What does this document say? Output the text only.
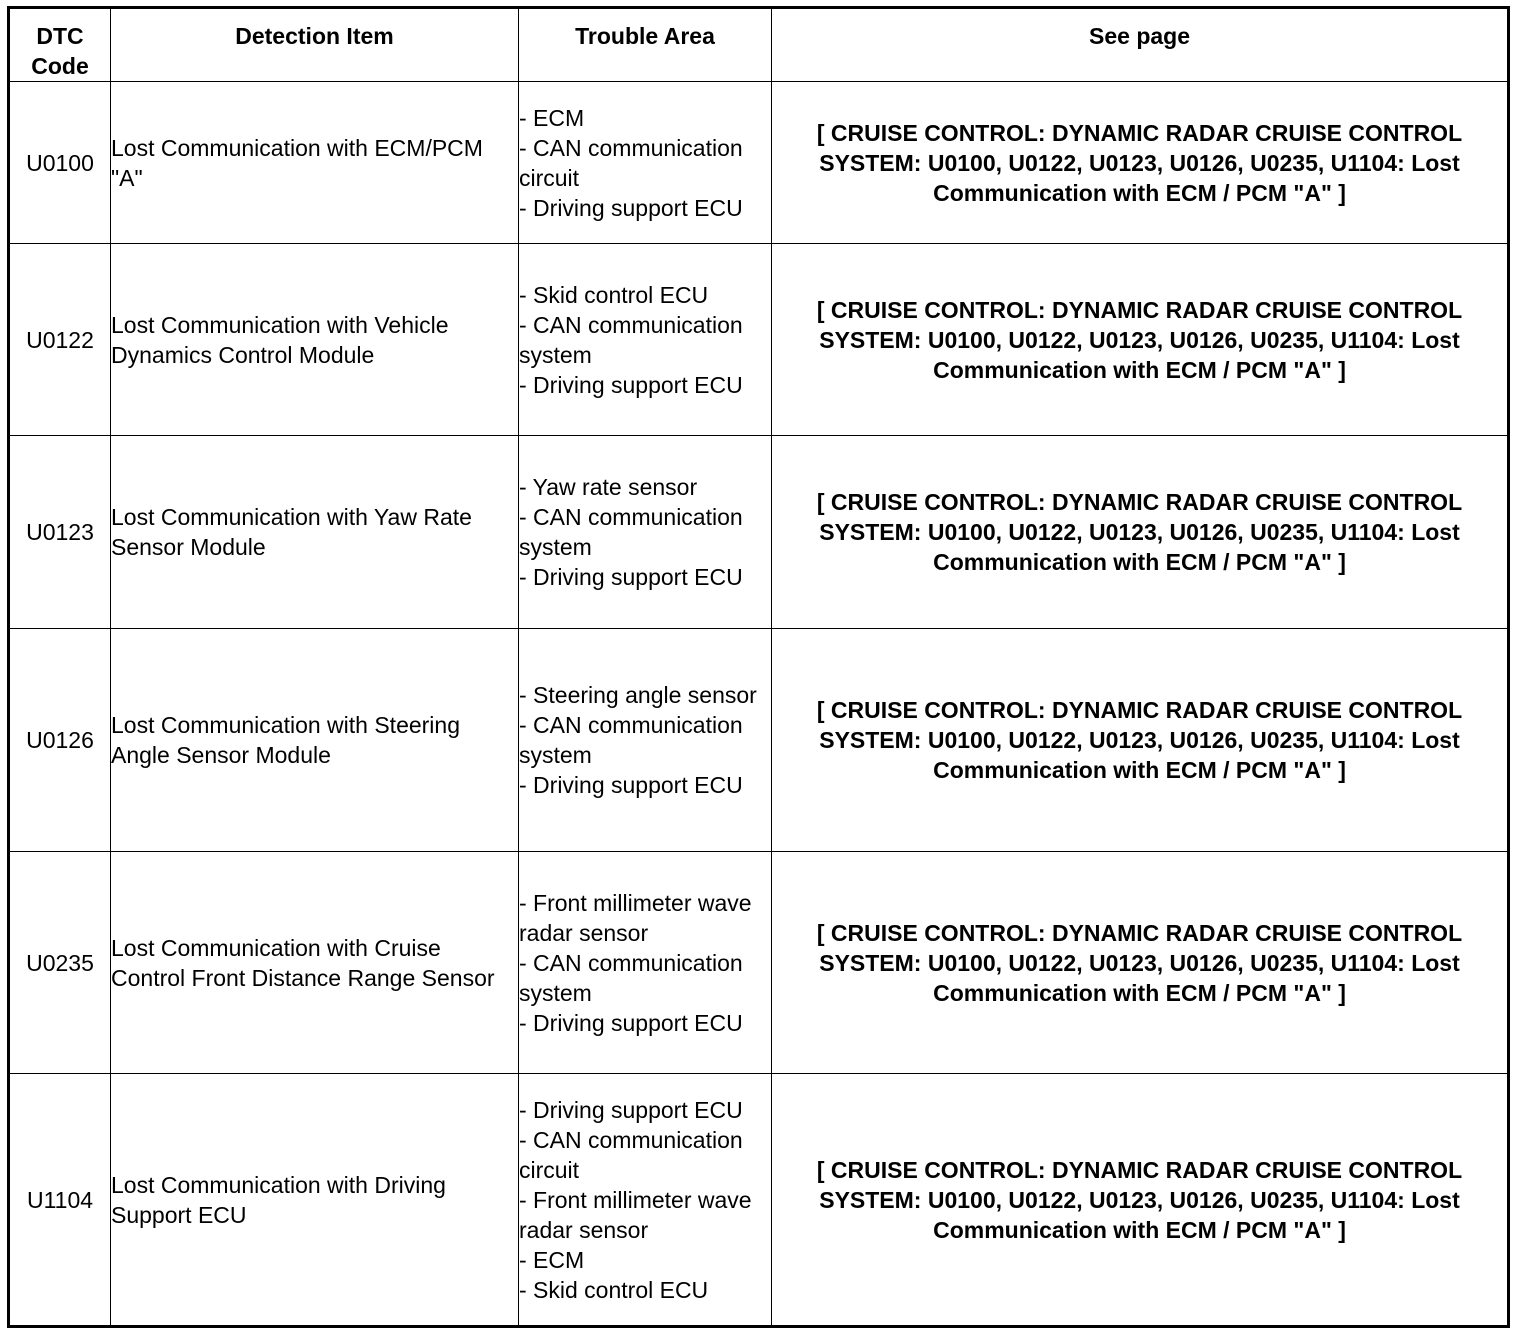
DTC Code	Detection Item	Trouble Area	See page
U0100	Lost Communication with ECM/PCM "A"	- ECM
- CAN communication circuit
- Driving support ECU	[ CRUISE CONTROL: DYNAMIC RADAR CRUISE CONTROL SYSTEM: U0100, U0122, U0123, U0126, U0235, U1104: Lost Communication with ECM / PCM "A" ]
U0122	Lost Communication with Vehicle Dynamics Control Module	- Skid control ECU
- CAN communication system
- Driving support ECU	[ CRUISE CONTROL: DYNAMIC RADAR CRUISE CONTROL SYSTEM: U0100, U0122, U0123, U0126, U0235, U1104: Lost Communication with ECM / PCM "A" ]
U0123	Lost Communication with Yaw Rate Sensor Module	- Yaw rate sensor
- CAN communication system
- Driving support ECU	[ CRUISE CONTROL: DYNAMIC RADAR CRUISE CONTROL SYSTEM: U0100, U0122, U0123, U0126, U0235, U1104: Lost Communication with ECM / PCM "A" ]
U0126	Lost Communication with Steering Angle Sensor Module	- Steering angle sensor
- CAN communication system
- Driving support ECU	[ CRUISE CONTROL: DYNAMIC RADAR CRUISE CONTROL SYSTEM: U0100, U0122, U0123, U0126, U0235, U1104: Lost Communication with ECM / PCM "A" ]
U0235	Lost Communication with Cruise Control Front Distance Range Sensor	- Front millimeter wave radar sensor
- CAN communication system
- Driving support ECU	[ CRUISE CONTROL: DYNAMIC RADAR CRUISE CONTROL SYSTEM: U0100, U0122, U0123, U0126, U0235, U1104: Lost Communication with ECM / PCM "A" ]
U1104	Lost Communication with Driving Support ECU	- Driving support ECU
- CAN communication circuit
- Front millimeter wave radar sensor
- ECM
- Skid control ECU	[ CRUISE CONTROL: DYNAMIC RADAR CRUISE CONTROL SYSTEM: U0100, U0122, U0123, U0126, U0235, U1104: Lost Communication with ECM / PCM "A" ]
